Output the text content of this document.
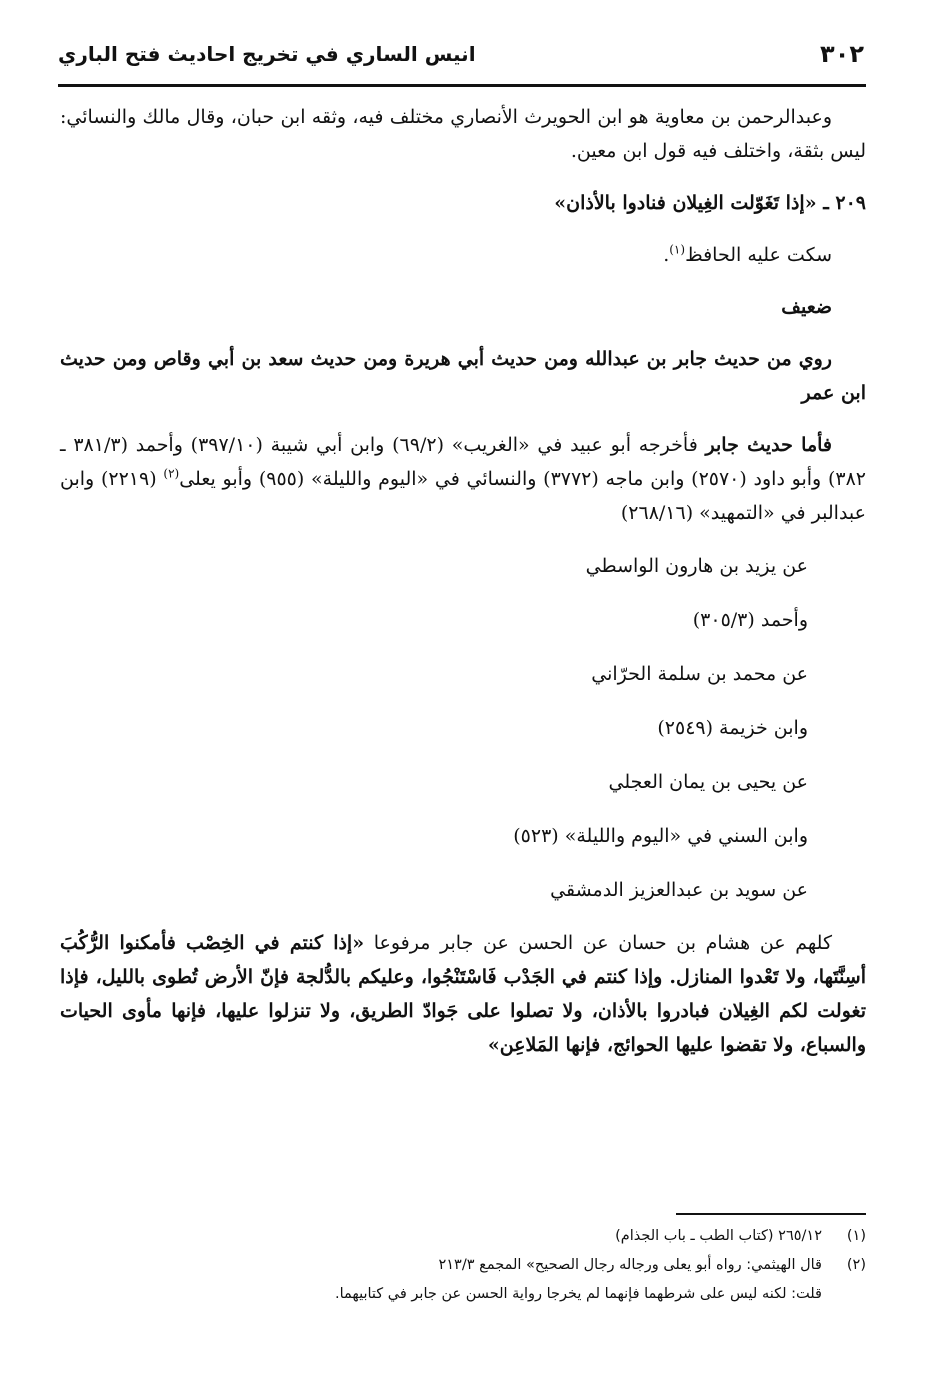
٣٠٢
انيس الساري في تخريج احاديث فتح الباري

وعبدالرحمن بن معاوية هو ابن الحويرث الأنصاري مختلف فيه، وثقه ابن حبان، وقال مالك والنسائي: ليس بثقة، واختلف فيه قول ابن معين.

٢٠٩ ـ «إذا تَغَوّلت الغِيلان فنادوا بالأذان»

سكت عليه الحافظ$^{(١)}$.

ضعيف

روي من حديث جابر بن عبدالله ومن حديث أبي هريرة ومن حديث سعد بن أبي وقاص ومن حديث ابن عمر

فأما حديث جابر فأخرجه أبو عبيد في «الغريب» (٦٩/٢) وابن أبي شيبة (٣٩٧/١٠) وأحمد (٣٨١/٣ ـ ٣٨٢) وأبو داود (٢٥٧٠) وابن ماجه (٣٧٧٢) والنسائي في «اليوم والليلة» (٩٥٥) وأبو يعلى$^{(٢)}$ (٢٢١٩) وابن عبدالبر في «التمهيد» (٢٦٨/١٦)

عن يزيد بن هارون الواسطي

وأحمد (٣٠٥/٣)

عن محمد بن سلمة الحرّاني

وابن خزيمة (٢٥٤٩)

عن يحيى بن يمان العجلي

وابن السني في «اليوم والليلة» (٥٢٣)

عن سويد بن عبدالعزيز الدمشقي

كلهم عن هشام بن حسان عن الحسن عن جابر مرفوعا «إذا كنتم في الخِصْب فأمكنوا الرُّكُبَ أسِنَّتَها، ولا تَعْدوا المنازل. وإذا كنتم في الجَدْب فَاسْتَنْجُوا، وعليكم بالدُّلجة فإنّ الأرض تُطوى بالليل، فإذا تغولت لكم الغِيلان فبادروا بالأذان، ولا تصلوا على جَوادّ الطريق، ولا تنزلوا عليها، فإنها مأوى الحيات والسباع، ولا تقضوا عليها الحوائج، فإنها المَلاعِن»

(١)
٢٦٥/١٢ (كتاب الطب ـ باب الجذام)
(٢)
قال الهيثمي: رواه أبو يعلى ورجاله رجال الصحيح» المجمع ٢١٣/٣
قلت: لكنه ليس على شرطهما فإنهما لم يخرجا رواية الحسن عن جابر في كتابيهما.
